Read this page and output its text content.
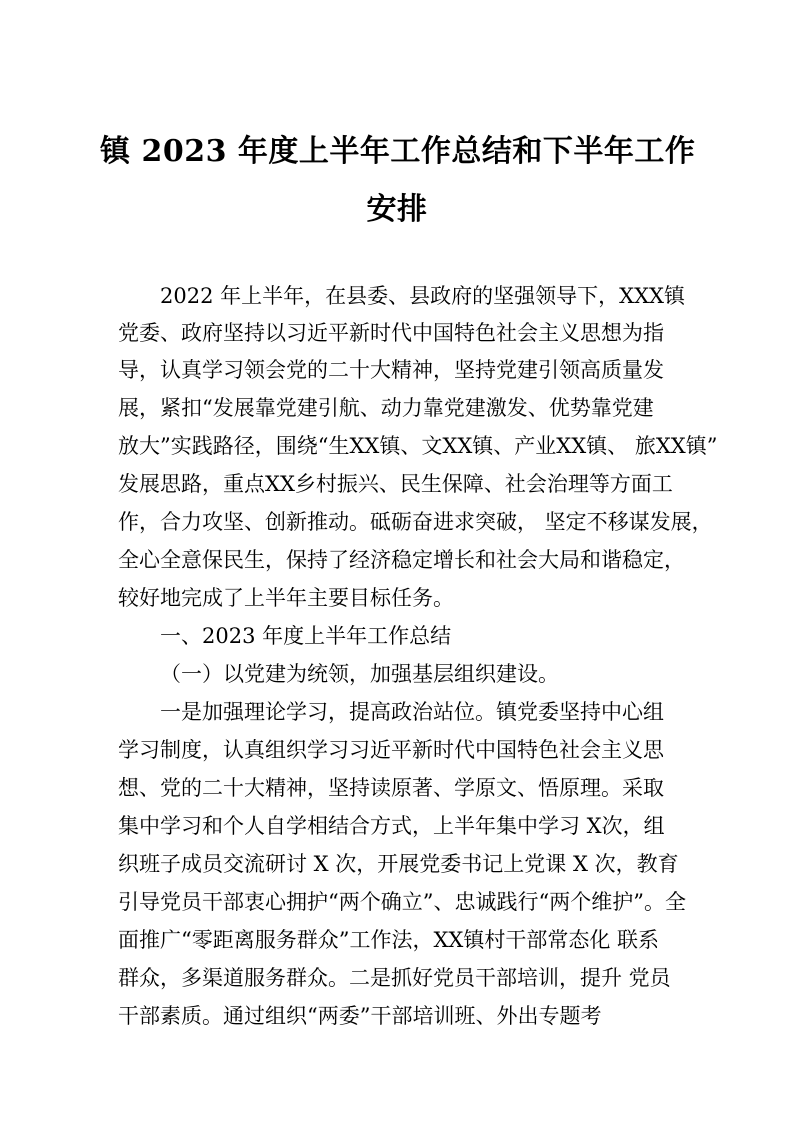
镇 2023 年度上半年工作总结和下半年工作
安排
2022 年上半年，在县委、县政府的坚强领导下，XXX镇
党委、政府坚持以习近平新时代中国特色社会主义思想为指
导，认真学习领会党的二十大精神，坚持党建引领高质量发
展，紧扣“发展靠党建引航、动力靠党建激发、优势靠党建
放大”实践路径，围绕“生XX镇、文XX镇、产业XX镇、 旅XX镇”
发展思路，重点XX乡村振兴、民生保障、社会治理等方面工
作，合力攻坚、创新推动。砥砺奋进求突破， 坚定不移谋发展，
全心全意保民生，保持了经济稳定增长和社会大局和谐稳定，
较好地完成了上半年主要目标任务。
一、2023 年度上半年工作总结
（一）以党建为统领，加强基层组织建设。
一是加强理论学习，提高政治站位。镇党委坚持中心组
学习制度，认真组织学习习近平新时代中国特色社会主义思
想、党的二十大精神，坚持读原著、学原文、悟原理。采取
集中学习和个人自学相结合方式，上半年集中学习 X次，组
织班子成员交流研讨 X 次，开展党委书记上党课 X 次，教育
引导党员干部衷心拥护“两个确立”、忠诚践行“两个维护”。全
面推广“零距离服务群众”工作法，XX镇村干部常态化 联系
群众，多渠道服务群众。二是抓好党员干部培训，提升 党员
干部素质。通过组织“两委”干部培训班、外出专题考
